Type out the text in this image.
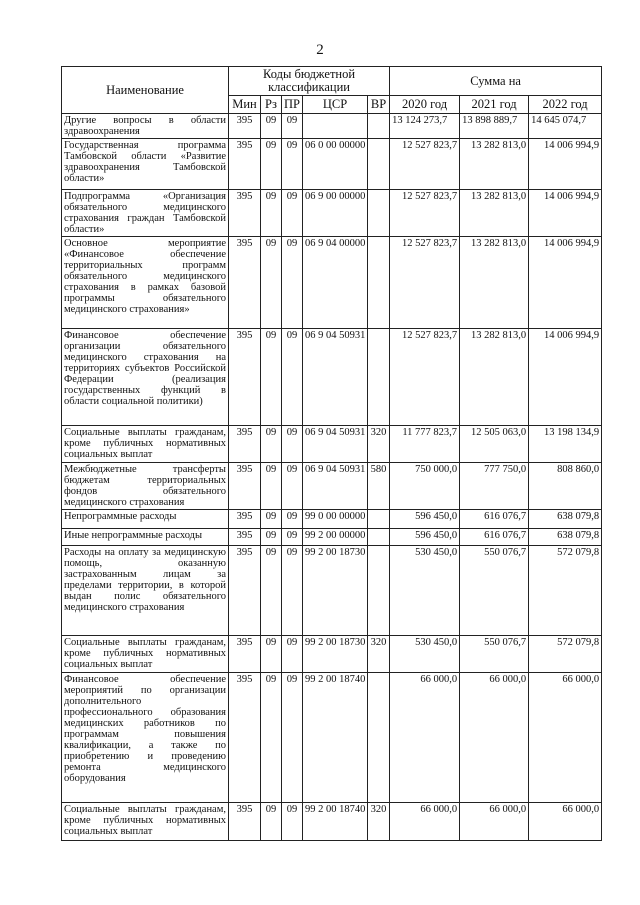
2
Наименование	Коды бюджетной классификации					Сумма на		
	Мин	Рз	ПР	ЦСР	ВР	2020 год	2021 год	2022 год
Другие вопросы в области здравоохранения	395	09	09			13 124 273,7	13 898 889,7	14 645 074,7
Государственная программа Тамбовской области «Развитие здравоохранения Тамбовской области»	395	09	09	06 0 00 00000		12 527 823,7	13 282 813,0	14 006 994,9
Подпрограмма «Организация обязательного медицинского страхования граждан Тамбовской области»	395	09	09	06 9 00 00000		12 527 823,7	13 282 813,0	14 006 994,9
Основное мероприятие «Финансовое обеспечение территориальных программ обязательного медицинского страхования в рамках базовой программы обязательного медицинского страхования»	395	09	09	06 9 04 00000		12 527 823,7	13 282 813,0	14 006 994,9
Финансовое обеспечение организации обязательного медицинского страхования на территориях субъектов Российской Федерации (реализация государственных функций в области социальной политики)	395	09	09	06 9 04 50931		12 527 823,7	13 282 813,0	14 006 994,9
Социальные выплаты гражданам, кроме публичных нормативных социальных выплат	395	09	09	06 9 04 50931	320	11 777 823,7	12 505 063,0	13 198 134,9
Межбюджетные трансферты бюджетам территориальных фондов обязательного медицинского страхования	395	09	09	06 9 04 50931	580	750 000,0	777 750,0	808 860,0
Непрограммные расходы	395	09	09	99 0 00 00000		596 450,0	616 076,7	638 079,8
Иные непрограммные расходы	395	09	09	99 2 00 00000		596 450,0	616 076,7	638 079,8
Расходы на оплату за медицинскую помощь, оказанную застрахованным лицам за пределами территории, в которой выдан полис обязательного медицинского страхования	395	09	09	99 2 00 18730		530 450,0	550 076,7	572 079,8
Социальные выплаты гражданам, кроме публичных нормативных социальных выплат	395	09	09	99 2 00 18730	320	530 450,0	550 076,7	572 079,8
Финансовое обеспечение мероприятий по организации дополнительного профессионального образования медицинских работников по программам повышения квалификации, а также по приобретению и проведению ремонта медицинского оборудования	395	09	09	99 2 00 18740		66 000,0	66 000,0	66 000,0
Социальные выплаты гражданам, кроме публичных нормативных социальных выплат	395	09	09	99 2 00 18740	320	66 000,0	66 000,0	66 000,0
